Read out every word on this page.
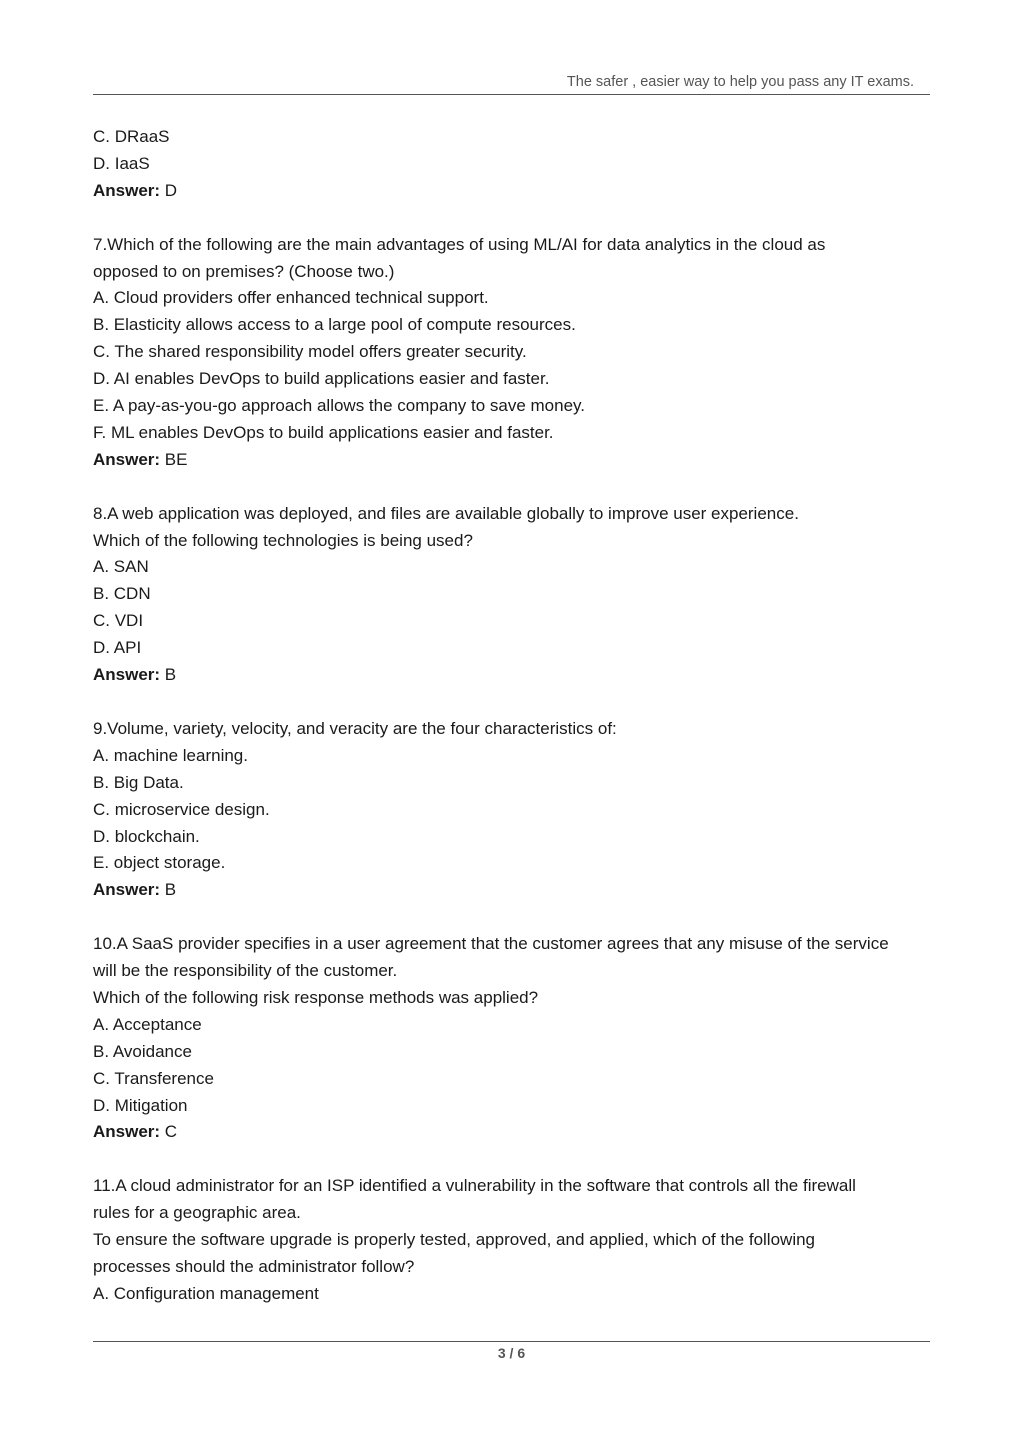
The safer , easier way to help you pass any IT exams.
C. DRaaS
D. IaaS
Answer: D
7.Which of the following are the main advantages of using ML/AI for data analytics in the cloud as
opposed to on premises? (Choose two.)
A. Cloud providers offer enhanced technical support.
B. Elasticity allows access to a large pool of compute resources.
C. The shared responsibility model offers greater security.
D. AI enables DevOps to build applications easier and faster.
E. A pay-as-you-go approach allows the company to save money.
F. ML enables DevOps to build applications easier and faster.
Answer: BE
8.A web application was deployed, and files are available globally to improve user experience.
Which of the following technologies is being used?
A. SAN
B. CDN
C. VDI
D. API
Answer: B
9.Volume, variety, velocity, and veracity are the four characteristics of:
A. machine learning.
B. Big Data.
C. microservice design.
D. blockchain.
E. object storage.
Answer: B
10.A SaaS provider specifies in a user agreement that the customer agrees that any misuse of the service
will be the responsibility of the customer.
Which of the following risk response methods was applied?
A. Acceptance
B. Avoidance
C. Transference
D. Mitigation
Answer: C
11.A cloud administrator for an ISP identified a vulnerability in the software that controls all the firewall
rules for a geographic area.
To ensure the software upgrade is properly tested, approved, and applied, which of the following
processes should the administrator follow?
A. Configuration management
3 / 6
